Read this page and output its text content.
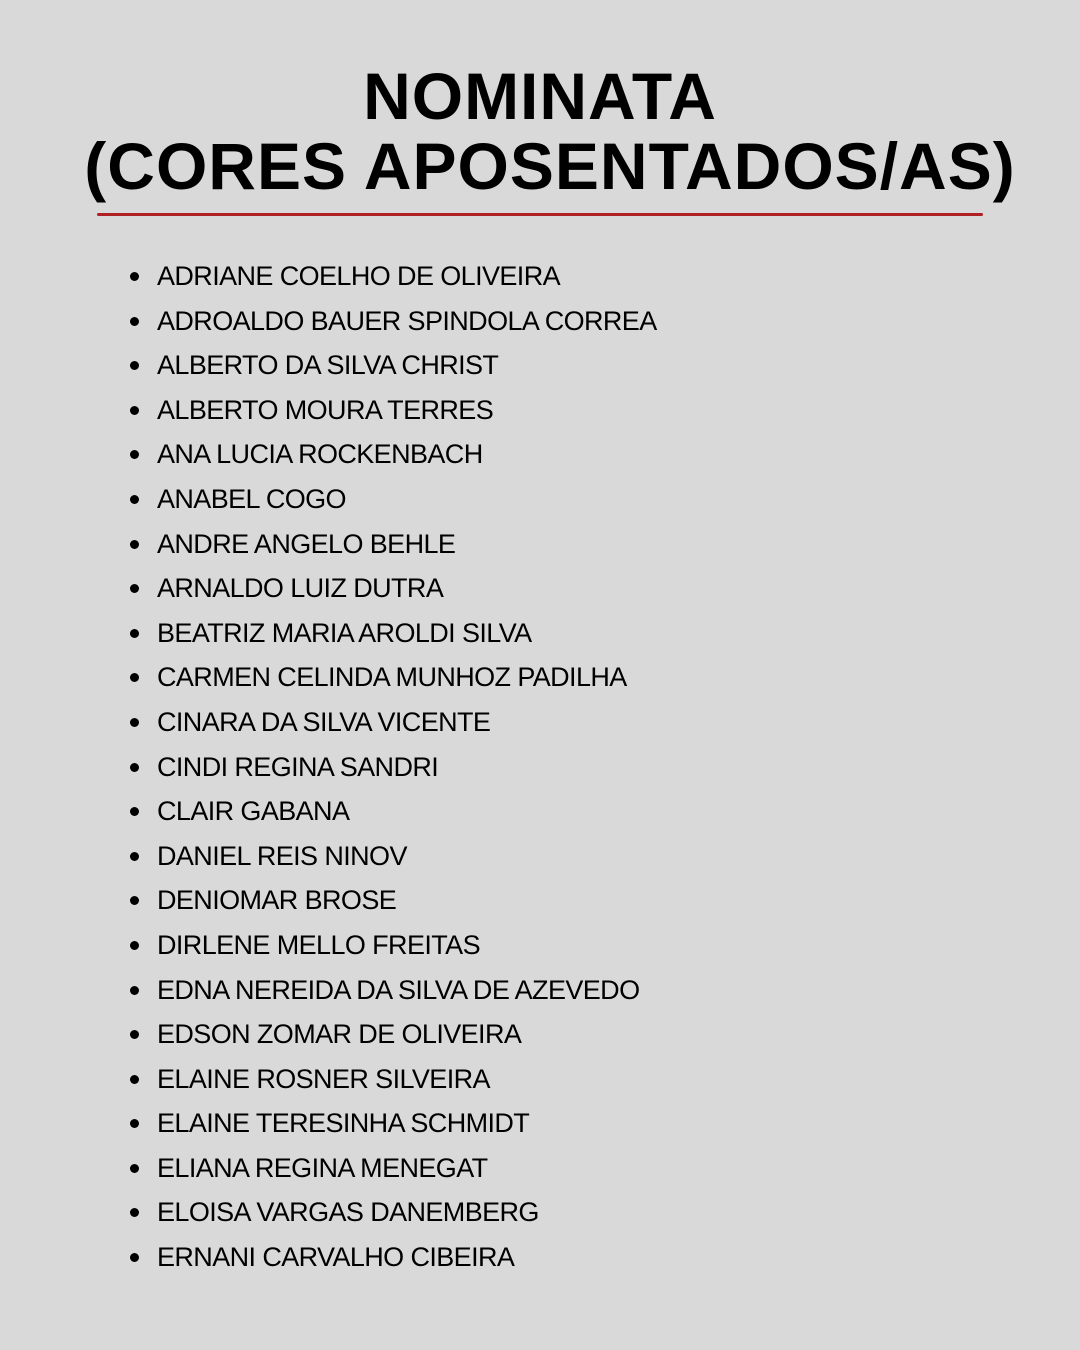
NOMINATA
(CORES APOSENTADOS/AS)
ADRIANE COELHO DE OLIVEIRA
ADROALDO BAUER SPINDOLA CORREA
ALBERTO DA SILVA CHRIST
ALBERTO MOURA TERRES
ANA LUCIA ROCKENBACH
ANABEL COGO
ANDRE ANGELO BEHLE
ARNALDO LUIZ DUTRA
BEATRIZ MARIA AROLDI SILVA
CARMEN CELINDA MUNHOZ PADILHA
CINARA DA SILVA VICENTE
CINDI REGINA SANDRI
CLAIR GABANA
DANIEL REIS NINOV
DENIOMAR BROSE
DIRLENE MELLO FREITAS
EDNA NEREIDA DA SILVA DE AZEVEDO
EDSON ZOMAR DE OLIVEIRA
ELAINE ROSNER SILVEIRA
ELAINE TERESINHA SCHMIDT
ELIANA REGINA MENEGAT
ELOISA VARGAS DANEMBERG
ERNANI CARVALHO CIBEIRA
